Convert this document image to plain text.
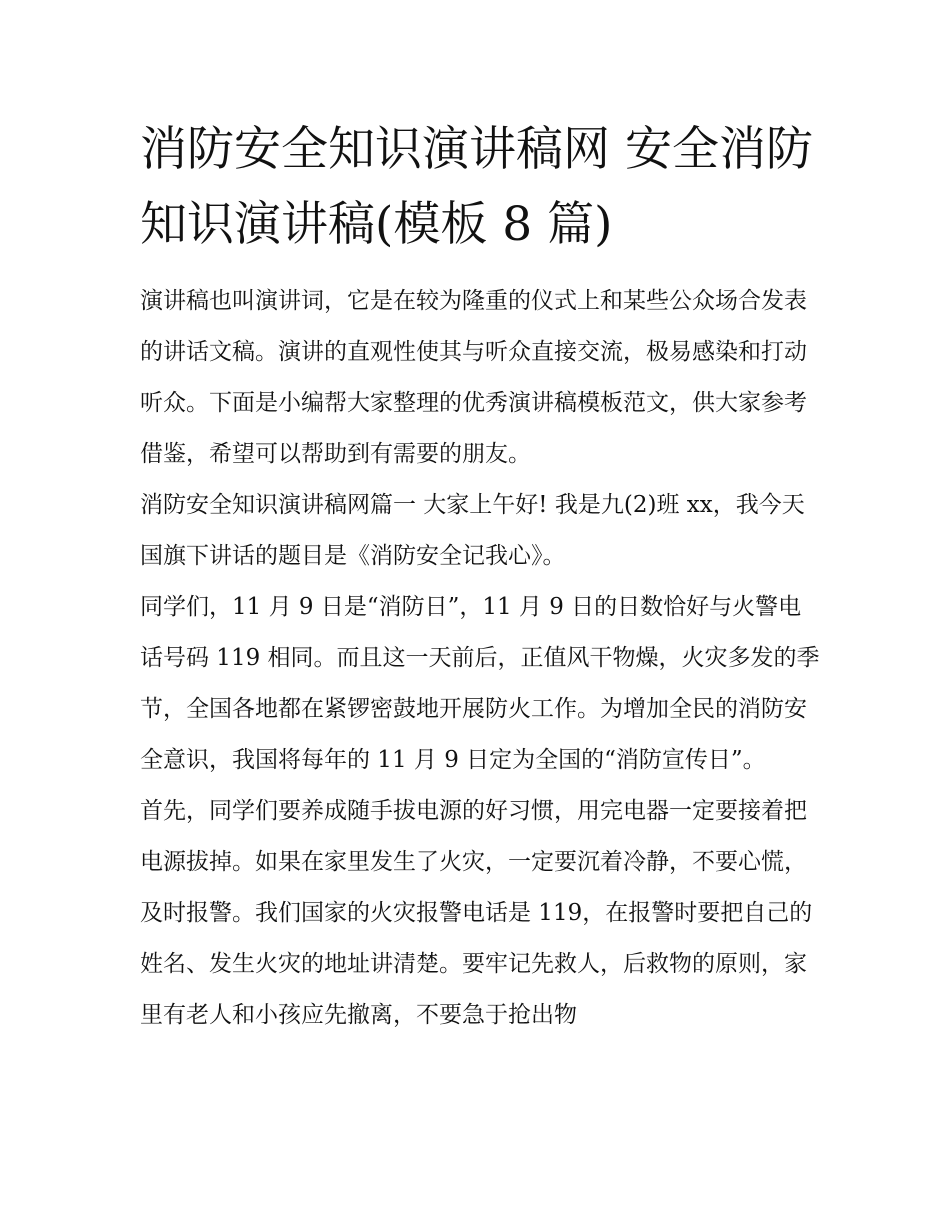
消防安全知识演讲稿网 安全消防知识演讲稿(模板 8 篇)

演讲稿也叫演讲词，它是在较为隆重的仪式上和某些公众场合发表的讲话文稿。演讲的直观性使其与听众直接交流，极易感染和打动听众。下面是小编帮大家整理的优秀演讲稿模板范文，供大家参考借鉴，希望可以帮助到有需要的朋友。

消防安全知识演讲稿网篇一 大家上午好! 我是九(2)班 xx，我今天国旗下讲话的题目是《消防安全记我心》。

同学们，11 月 9 日是“消防日”，11 月 9 日的日数恰好与火警电话号码 119 相同。而且这一天前后，正值风干物燥，火灾多发的季节，全国各地都在紧锣密鼓地开展防火工作。为增加全民的消防安全意识，我国将每年的 11 月 9 日定为全国的“消防宣传日”。

首先，同学们要养成随手拔电源的好习惯，用完电器一定要接着把电源拔掉。如果在家里发生了火灾，一定要沉着冷静，不要心慌，及时报警。我们国家的火灾报警电话是 119，在报警时要把自己的姓名、发生火灾的地址讲清楚。要牢记先救人，后救物的原则，家里有老人和小孩应先撤离，不要急于抢出物
